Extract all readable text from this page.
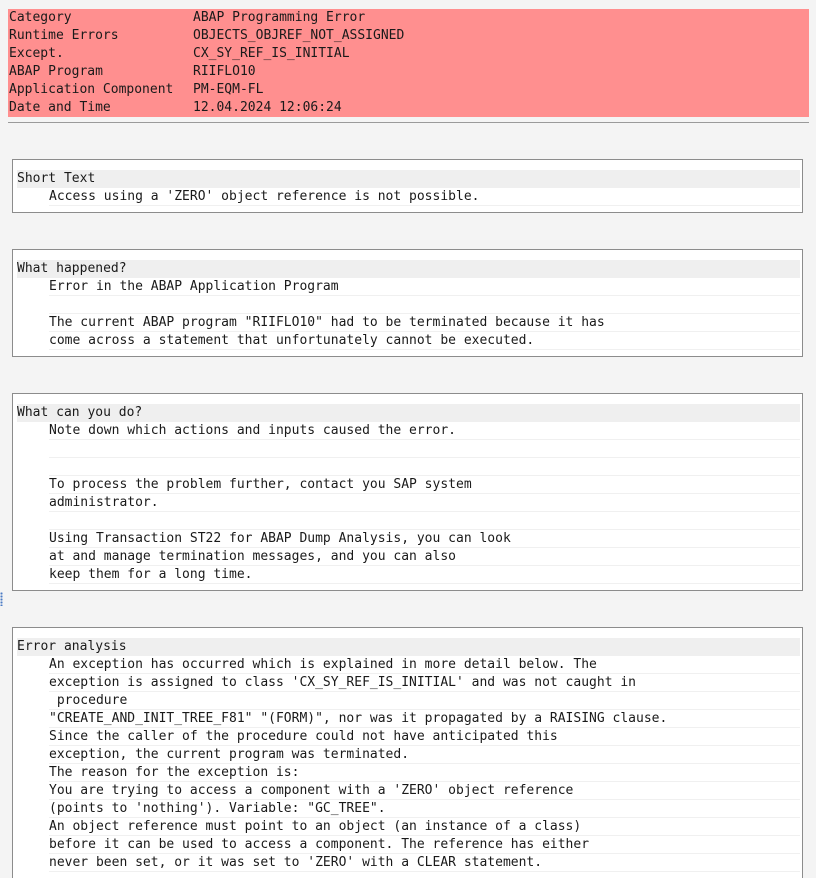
Category	ABAP Programming Error
Runtime Errors	OBJECTS_OBJREF_NOT_ASSIGNED
Except.	CX_SY_REF_IS_INITIAL
ABAP Program	RIIFLO10
Application Component	PM-EQM-FL
Date and Time	12.04.2024 12:06:24
Short Text
Access using a 'ZERO' object reference is not possible.
What happened?
Error in the ABAP Application Program
The current ABAP program "RIIFLO10" had to be terminated because it has
come across a statement that unfortunately cannot be executed.
What can you do?
Note down which actions and inputs caused the error.
To process the problem further, contact you SAP system
administrator.
Using Transaction ST22 for ABAP Dump Analysis, you can look
at and manage termination messages, and you can also
keep them for a long time.
Error analysis
An exception has occurred which is explained in more detail below. The
exception is assigned to class 'CX_SY_REF_IS_INITIAL' and was not caught in
procedure
"CREATE_AND_INIT_TREE_F81" "(FORM)", nor was it propagated by a RAISING clause.
Since the caller of the procedure could not have anticipated this
exception, the current program was terminated.
The reason for the exception is:
You are trying to access a component with a 'ZERO' object reference
(points to 'nothing'). Variable: "GC_TREE".
An object reference must point to an object (an instance of a class)
before it can be used to access a component. The reference has either
never been set, or it was set to 'ZERO' with a CLEAR statement.
